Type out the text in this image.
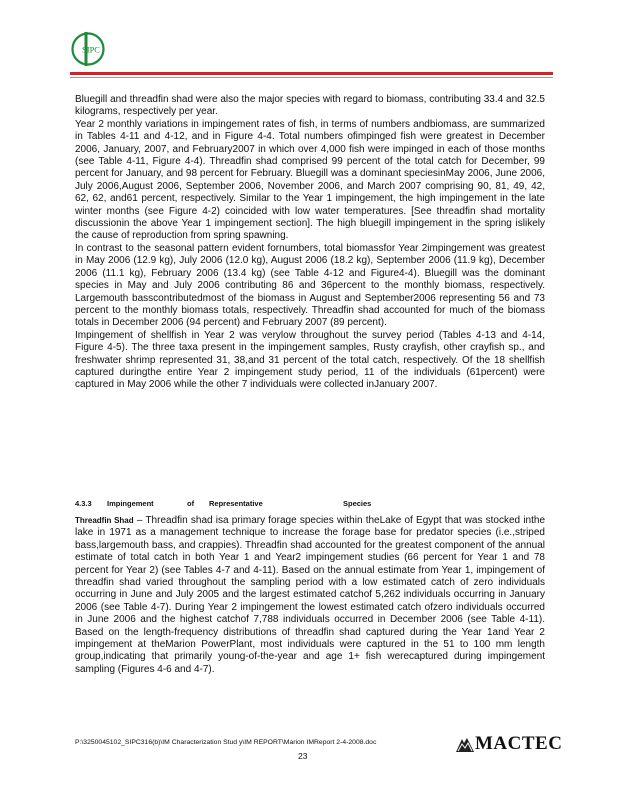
SIPC

Bluegill and threadfin shad were also the major species with regard to biomass, contributing 33.4 and 32.5 kilograms, respectively per year.

Year 2 monthly variations in impingement rates of fish, in terms of numbers andbiomass, are summarized in Tables 4-11 and 4-12, and in Figure 4-4. Total numbers ofimpinged fish were greatest in December 2006, January, 2007, and February2007 in which over 4,000 fish were impinged in each of those months (see Table 4-11, Figure 4-4). Threadfin shad comprised 99 percent of the total catch for December, 99 percent for January, and 98 percent for February. Bluegill was a dominant speciesinMay 2006, June 2006, July 2006,August 2006, September 2006, November 2006, and March 2007 comprising 90, 81, 49, 42, 62, 62, and61 percent, respectively. Similar to the Year 1 impingement, the high impingement in the late winter months (see Figure 4-2) coincided with low water temperatures. [See threadfin shad mortality discussionin the above Year 1 impingement section]. The high bluegill impingement in the spring islikely the cause of reproduction from spring spawning.

In contrast to the seasonal pattern evident fornumbers, total biomassfor Year 2impingement was greatest in May 2006 (12.9 kg), July 2006 (12.0 kg), August 2006 (18.2 kg), September 2006 (11.9 kg), December 2006 (11.1 kg), February 2006 (13.4 kg) (see Table 4-12 and Figure4-4). Bluegill was the dominant species in May and July 2006 contributing 86 and 36percent to the monthly biomass, respectively. Largemouth basscontributedmost of the biomass in August and September2006 representing 56 and 73 percent to the monthly biomass totals, respectively. Threadfin shad accounted for much of the biomass totals in December 2006 (94 percent) and February 2007 (89 percent).

Impingement of shellfish in Year 2 was verylow throughout the survey period (Tables 4-13 and 4-14, Figure 4-5). The three taxa present in the impingement samples, Rusty crayfish, other crayfish sp., and freshwater shrimp represented 31, 38,and 31 percent of the total catch, respectively. Of the 18 shellfish captured duringthe entire Year 2 impingement study period, 11 of the individuals (61percent) were captured in May 2006 while the other 7 individuals were collected inJanuary 2007.

4.3.3 Impingement	of Representative	Species

Threadfin Shad – Threadfin shad isa primary forage species within theLake of Egypt that was stocked inthe lake in 1971 as a management technique to increase the forage base for predator species (i.e.,striped bass,largemouth bass, and crappies). Threadfin shad accounted for the greatest component of the annual estimate of total catch in both Year 1 and Year2 impingement studies (66 percent for Year 1 and 78 percent for Year 2) (see Tables 4-7 and 4-11). Based on the annual estimate from Year 1, impingement of threadfin shad varied throughout the sampling period with a low estimated catch of zero individuals occurring in June and July 2005 and the largest estimated catchof 5,262 individuals occurring in January 2006 (see Table 4-7). During Year 2 impingement the lowest estimated catch ofzero individuals occurred in June 2006 and the highest catchof 7,788 individuals occurred in December 2006 (see Table 4-11). Based on the length-frequency distributions of threadfin shad captured during the Year 1and Year 2 impingement at theMarion PowerPlant, most individuals were captured in the 51 to 100 mm length group,indicating that primarily young-of-the-year and age 1+ fish werecaptured during impingement sampling (Figures 4-6 and 4-7).

P:\3250045102_SIPC316(b)\IM Characterization Stud y\IM REPORT\Marion IMReport 2-4-2008.doc
23
MACTEC
